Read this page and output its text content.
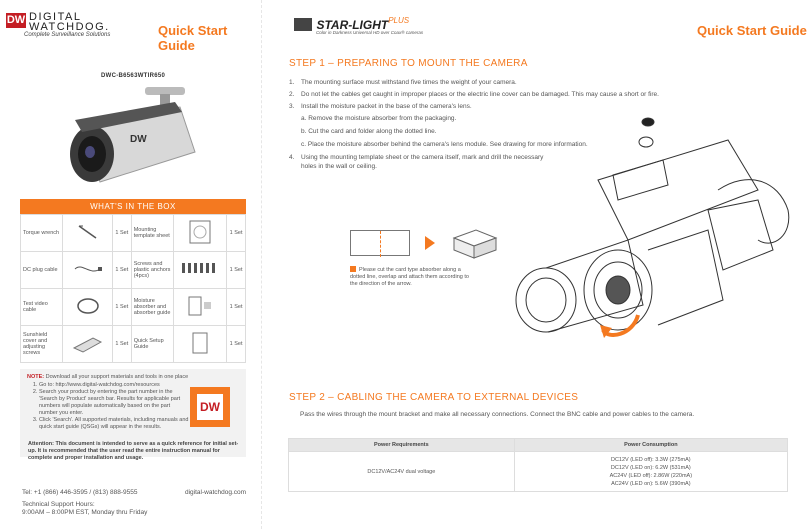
DW DIGITAL
WATCHDOG.
Complete Surveillance Solutions	Quick Start Guide
DWC-B6563WTIR650
DW
WHAT'S IN THE BOX
Torque wrench		1 Set	Mounting template sheet		1 Set
DC plug cable		1 Set	Screws and plastic anchors (4pcs)		1 Set
Test video cable		1 Set	Moisture absorber and absorber guide		1 Set
Sunshield cover and adjusting screws		1 Set	Quick Setup Guide		1 Set
NOTE: Download all your support materials and tools in one place
1. Go to: http://www.digital-watchdog.com/resources
2. Search your product by entering the part number in the 'Search by Product' search bar. Results for applicable part numbers will populate automatically based on the part number you enter.
3. Click 'Search'. All supported materials, including manuals and quick start guide (QSGs) will appear in the results.
DW
Attention: This document is intended to serve as a quick reference for initial set-up. It is recommended that the user read the entire instruction manual for complete and proper installation and usage.
Tel: +1 (866) 446-3595 / (813) 888-9555
Technical Support Hours:
9:00AM – 8:00PM EST, Monday thru Friday
digital-watchdog.com
STAR-$LIGHT^{PLUS}$
Color in Darkness Universal HD over Coax® cameras	Quick Start Guide
STEP 1 – PREPARING TO MOUNT THE CAMERA
1. The mounting surface must withstand five times the weight of your camera.
2. Do not let the cables get caught in improper places or the electric line cover can be damaged. This may cause a short or fire.
3. Install the moisture packet in the base of the camera's lens.
a. Remove the moisture absorber from the packaging.
b. Cut the card and folder along the dotted line.
c. Place the moisture absorber behind the camera's lens module. See drawing for more information.
4. Using the mounting template sheet or the camera itself, mark and drill the necessary holes in the wall or ceiling.
Please cut the card type absorber along a dotted line, overlap and attach them according to the direction of the arrow.
STEP 2 – CABLING THE CAMERA TO EXTERNAL DEVICES
Pass the wires through the mount bracket and make all necessary connections. Connect the BNC cable and power cables to the camera.
Power Requirements	Power Consumption
DC12V/AC24V dual voltage	DC12V (LED off): 3.3W (275mA)
DC12V (LED on): 6.2W (531mA)
AC24V (LED off): 2.86W (220mA)
AC24V (LED on): 5.6W (390mA)
